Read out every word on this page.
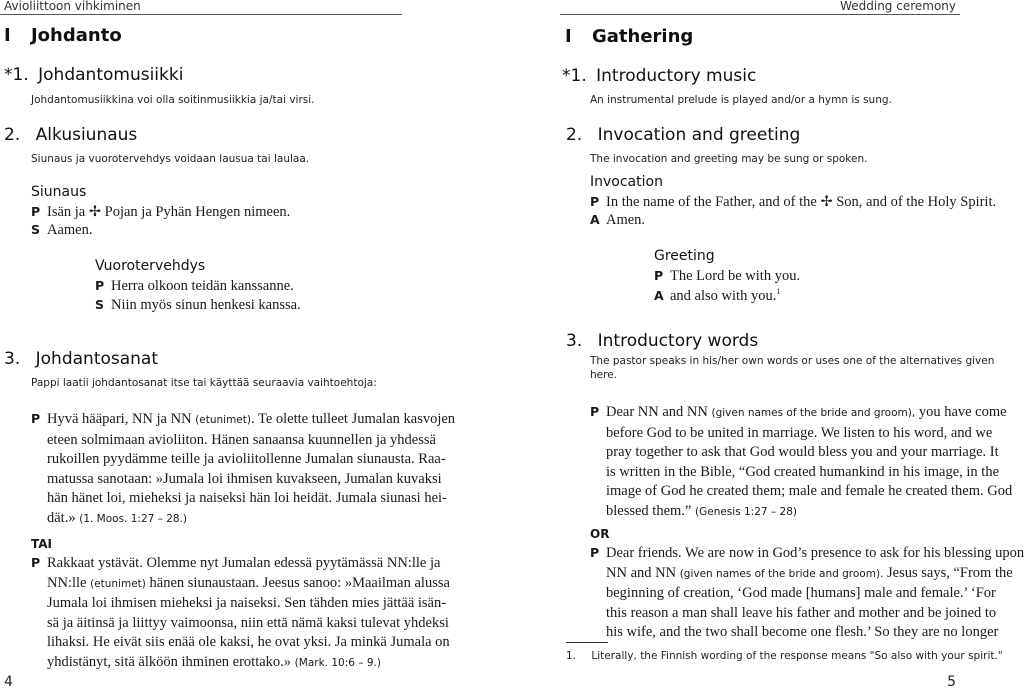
Avioliittoon vihkiminen	Wedding ceremony
I Johdanto
*1. Johdantomusiikki
Johdantomusiikkina voi olla soitinmusiikkia ja/tai virsi.
2. Alkusiunaus
Siunaus ja vuorotervehdys voidaan lausua tai laulaa.
Siunaus
P Isän ja ✢ Pojan ja Pyhän Hengen nimeen.
S Aamen.
Vuorotervehdys
P Herra olkoon teidän kanssanne.
S Niin myös sinun henkesi kanssa.
3. Johdantosanat
Pappi laatii johdantosanat itse tai käyttää seuraavia vaihtoehtoja:
P Hyvä hääpari, NN ja NN (etunimet). Te olette tulleet Jumalan kasvojen
eteen solmimaan avioliiton. Hänen sanaansa kuunnellen ja yhdessä
rukoillen pyydämme teille ja avioliitollenne Jumalan siunausta. Raa-
matussa sanotaan: »Jumala loi ihmisen kuvakseen, Jumalan kuvaksi
hän hänet loi, mieheksi ja naiseksi hän loi heidät. Jumala siunasi hei-
dät.» (1. Moos. 1:27 – 28.)
TAI
P Rakkaat ystävät. Olemme nyt Jumalan edessä pyytämässä NN:lle ja
NN:lle (etunimet) hänen siunaustaan. Jeesus sanoo: »Maailman alussa
Jumala loi ihmisen mieheksi ja naiseksi. Sen tähden mies jättää isän-
sä ja äitinsä ja liittyy vaimoonsa, niin että nämä kaksi tulevat yhdeksi
lihaksi. He eivät siis enää ole kaksi, he ovat yksi. Ja minkä Jumala on
yhdistänyt, sitä älköön ihminen erottako.» (Mark. 10:6 – 9.)
4
I Gathering
*1. Introductory music
An instrumental prelude is played and/or a hymn is sung.
2. Invocation and greeting
The invocation and greeting may be sung or spoken.
Invocation
P In the name of the Father, and of the ✢ Son, and of the Holy Spirit.
A Amen.
Greeting
P The Lord be with you.
A and also with you.$^1$
3. Introductory words
The pastor speaks in his/her own words or uses one of the alternatives given
here.
P Dear NN and NN (given names of the bride and groom), you have come
before God to be united in marriage. We listen to his word, and we
pray together to ask that God would bless you and your marriage. It
is written in the Bible, “God created humankind in his image, in the
image of God he created them; male and female he created them. God
blessed them.” (Genesis 1:27 – 28)
OR
P Dear friends. We are now in God’s presence to ask for his blessing upon
NN and NN (given names of the bride and groom). Jesus says, “From the
beginning of creation, ‘God made [humans] male and female.’ ‘For
this reason a man shall leave his father and mother and be joined to
his wife, and the two shall become one flesh.’ So they are no longer
1. Literally, the Finnish wording of the response means "So also with your spirit."
5
